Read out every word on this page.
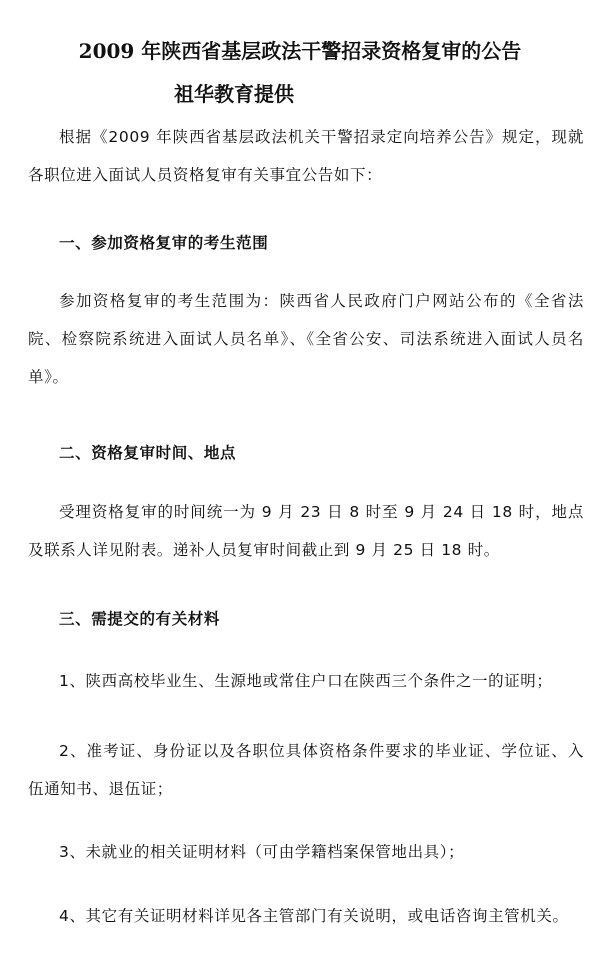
2009 年陕西省基层政法干警招录资格复审的公告
祖华教育提供
根据《2009 年陕西省基层政法机关干警招录定向培养公告》规定，现就各职位进入面试人员资格复审有关事宜公告如下：
一、参加资格复审的考生范围
参加资格复审的考生范围为：陕西省人民政府门户网站公布的《全省法院、检察院系统进入面试人员名单》、《全省公安、司法系统进入面试人员名单》。
二、资格复审时间、地点
受理资格复审的时间统一为 9 月 23 日 8 时至 9 月 24 日 18 时，地点及联系人详见附表。递补人员复审时间截止到 9 月 25 日 18 时。
三、需提交的有关材料
1、陕西高校毕业生、生源地或常住户口在陕西三个条件之一的证明；
2、准考证、身份证以及各职位具体资格条件要求的毕业证、学位证、入伍通知书、退伍证；
3、未就业的相关证明材料（可由学籍档案保管地出具）；
4、其它有关证明材料详见各主管部门有关说明，或电话咨询主管机关。
